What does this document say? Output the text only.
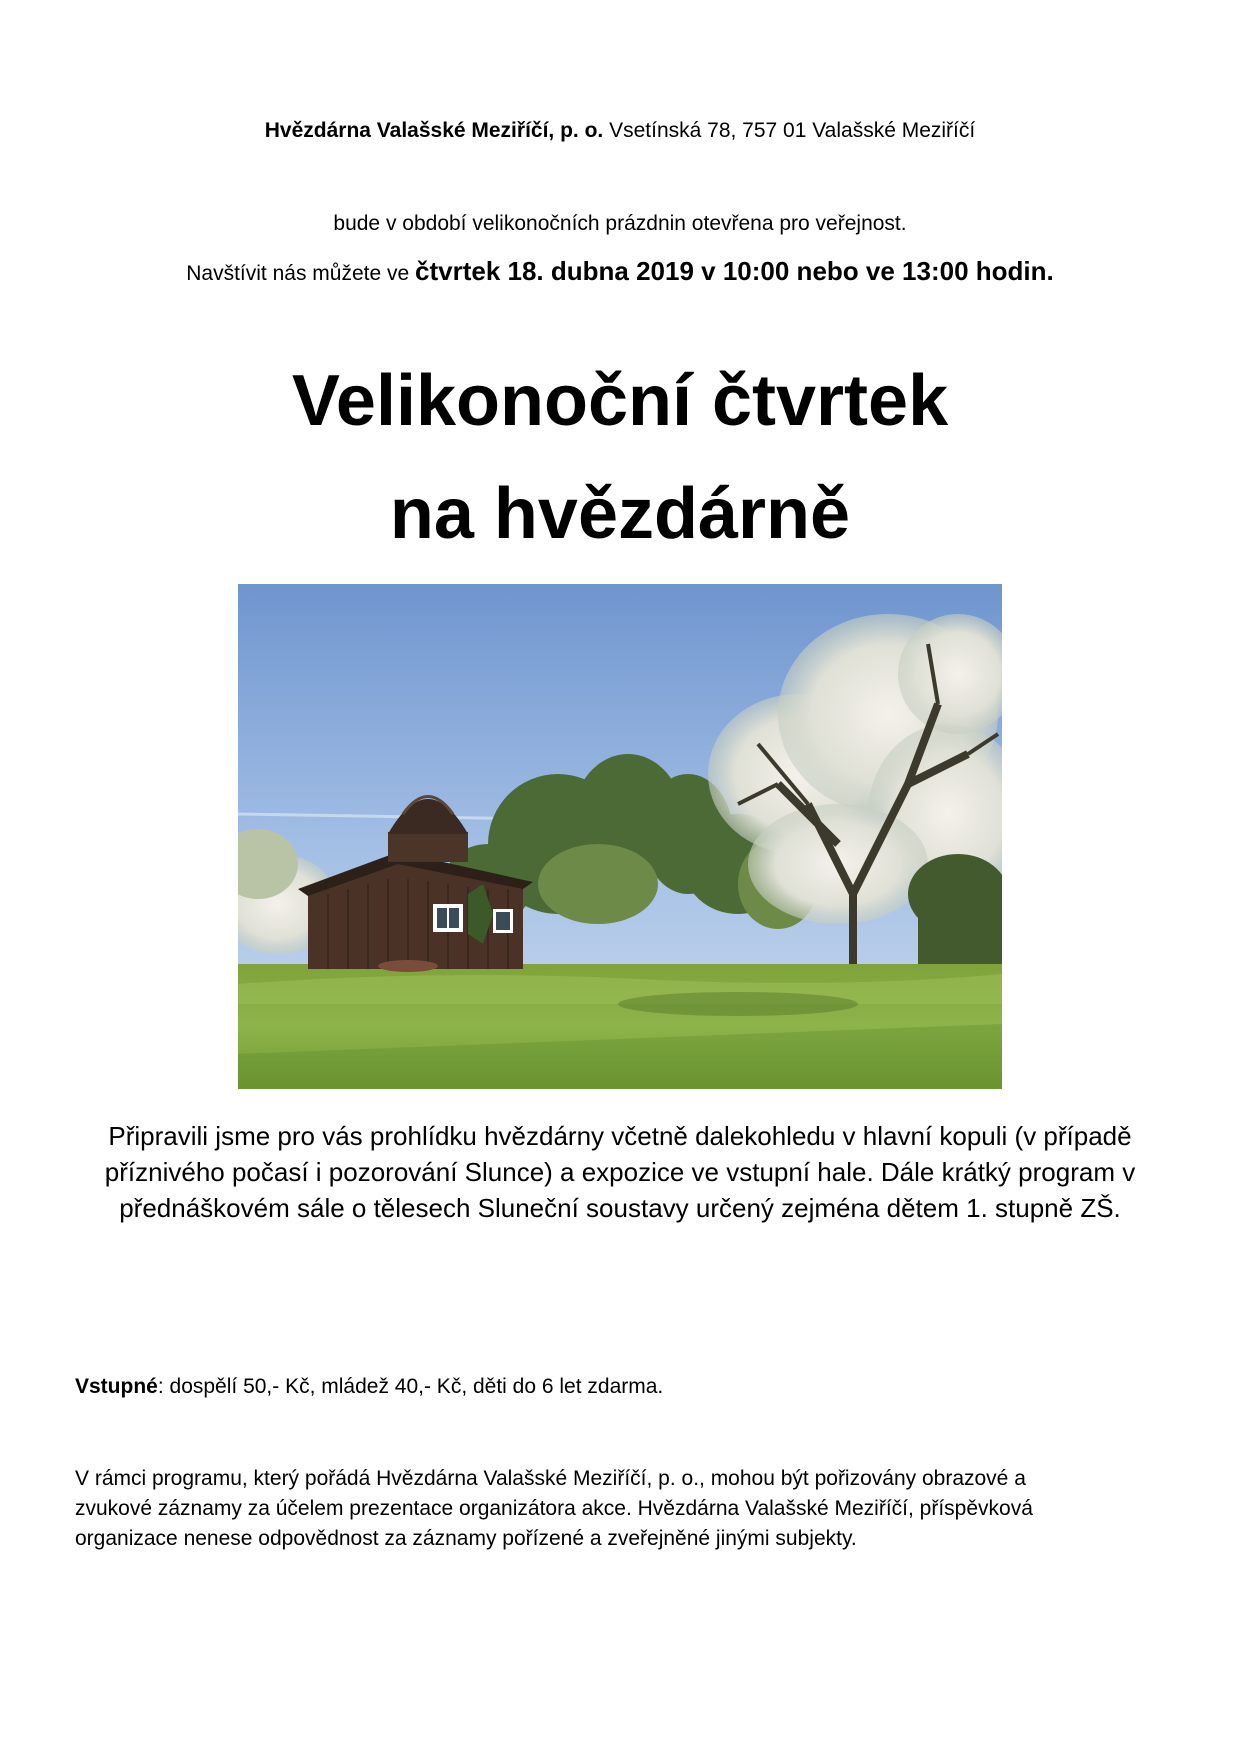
Hvězdárna Valašské Meziříčí, p. o. Vsetínská 78, 757 01 Valašské Meziříčí
bude v období velikonočních prázdnin otevřena pro veřejnost.
Navštívit nás můžete ve čtvrtek 18. dubna 2019 v 10:00 nebo ve 13:00 hodin.
Velikonoční čtvrtek
na hvězdárně
Připravili jsme pro vás prohlídku hvězdárny včetně dalekohledu v hlavní kopuli (v případě příznivého počasí i pozorování Slunce) a expozice ve vstupní hale. Dále krátký program v přednáškovém sále o tělesech Sluneční soustavy určený zejména dětem 1. stupně ZŠ.
Vstupné: dospělí 50,- Kč, mládež 40,- Kč, děti do 6 let zdarma.
V rámci programu, který pořádá Hvězdárna Valašské Meziříčí, p. o., mohou být pořizovány obrazové a
zvukové záznamy za účelem prezentace organizátora akce. Hvězdárna Valašské Meziříčí, příspěvková
organizace nenese odpovědnost za záznamy pořízené a zveřejněné jinými subjekty.
